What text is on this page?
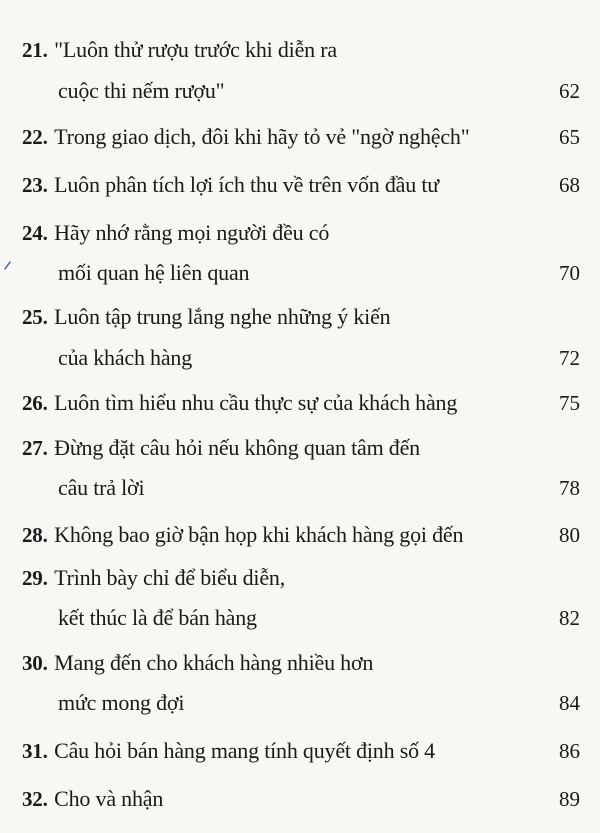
21. "Luôn thử rượu trước khi diễn ra
cuộc thi nếm rượu"	62
22. Trong giao dịch, đôi khi hãy tỏ vẻ "ngờ nghệch"	65
23. Luôn phân tích lợi ích thu về trên vốn đầu tư	68
24. Hãy nhớ rằng mọi người đều có
mối quan hệ liên quan	70
25. Luôn tập trung lắng nghe những ý kiến
của khách hàng	72
26. Luôn tìm hiểu nhu cầu thực sự của khách hàng	75
27. Đừng đặt câu hỏi nếu không quan tâm đến
câu trả lời	78
28. Không bao giờ bận họp khi khách hàng gọi đến	80
29. Trình bày chỉ để biểu diễn,
kết thúc là để bán hàng	82
30. Mang đến cho khách hàng nhiều hơn
mức mong đợi	84
31. Câu hỏi bán hàng mang tính quyết định số 4	86
32. Cho và nhận	89
